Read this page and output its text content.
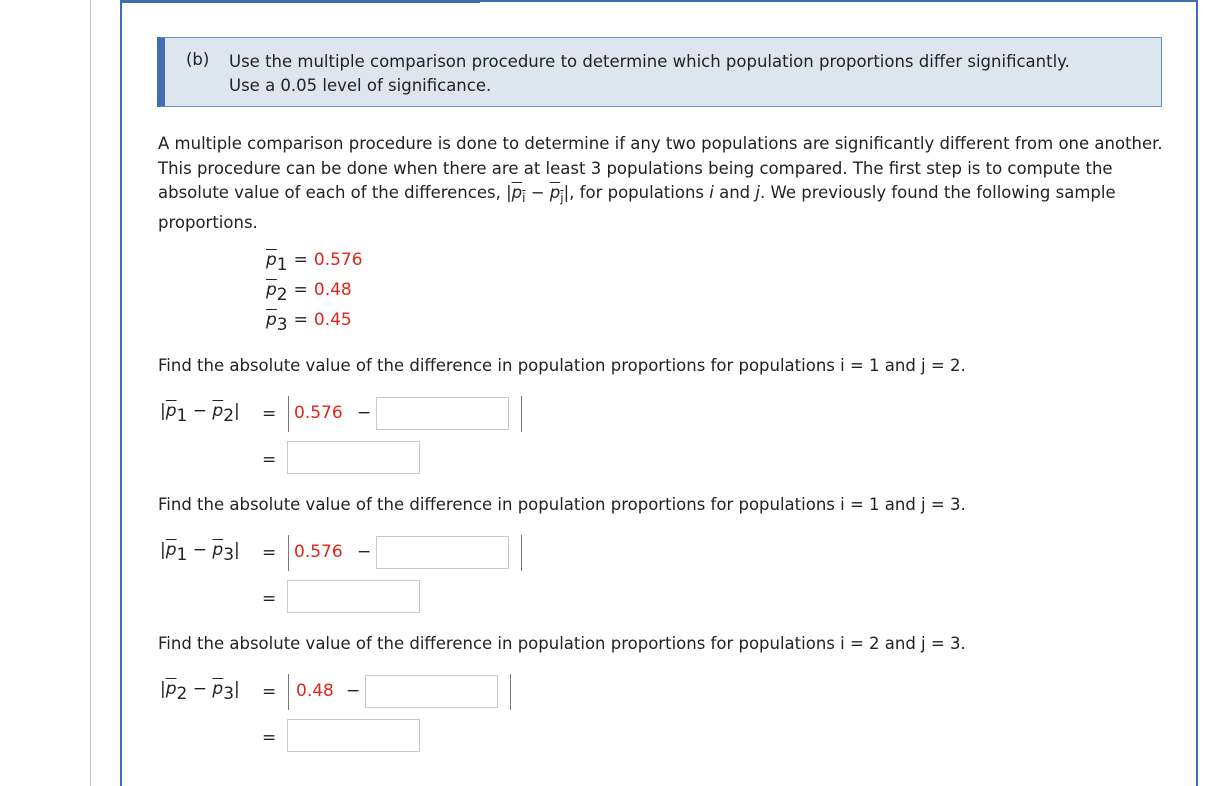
(b) Use the multiple comparison procedure to determine which population proportions differ significantly.
Use a 0.05 level of significance.
A multiple comparison procedure is done to determine if any two populations are significantly different from one another. This procedure can be done when there are at least 3 populations being compared. The first step is to compute the absolute value of each of the differences, $|p_i - p_j|$, for populations i and j. We previously found the following sample proportions.
$\overline{p}1 = 0.576$
$\overline{p}2 = 0.48$
$\overline{p}3 = 0.45$
Find the absolute value of the difference in population proportions for populations i = 1 and j = 2.
$|\overline{p}1 - \overline{p}2| = 0.576$ −
=
Find the absolute value of the difference in population proportions for populations i = 1 and j = 3.
$|\overline{p}1 - \overline{p}3| = 0.576$ −
=
Find the absolute value of the difference in population proportions for populations i = 2 and j = 3.
$|\overline{p}2 - \overline{p}3| = 0.48$ −
=
